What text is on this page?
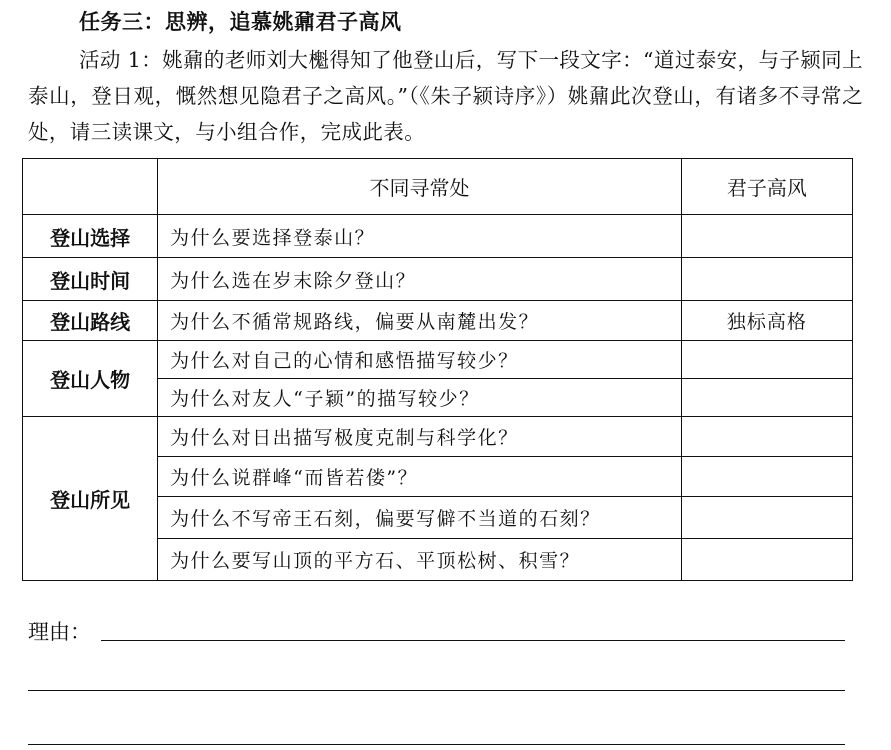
任务三：思辨，追慕姚鼐君子高风
活动 1：姚鼐的老师刘大櫆得知了他登山后，写下一段文字：“道过泰安，与子颍同上泰山，登日观，慨然想见隐君子之高风。”（《朱子颍诗序》）姚鼐此次登山，有诸多不寻常之处，请三读课文，与小组合作，完成此表。
	不同寻常处	君子高风
登山选择	为什么要选择登泰山？	
登山时间	为什么选在岁末除夕登山？	
登山路线	为什么不循常规路线，偏要从南麓出发？	独标高格
登山人物	为什么对自己的心情和感悟描写较少？	
	为什么对友人“子颖”的描写较少？	
登山所见	为什么对日出描写极度克制与科学化？	
	为什么说群峰“而皆若偻”？	
	为什么不写帝王石刻，偏要写僻不当道的石刻？	
	为什么要写山顶的平方石、平顶松树、积雪？	
理由：
